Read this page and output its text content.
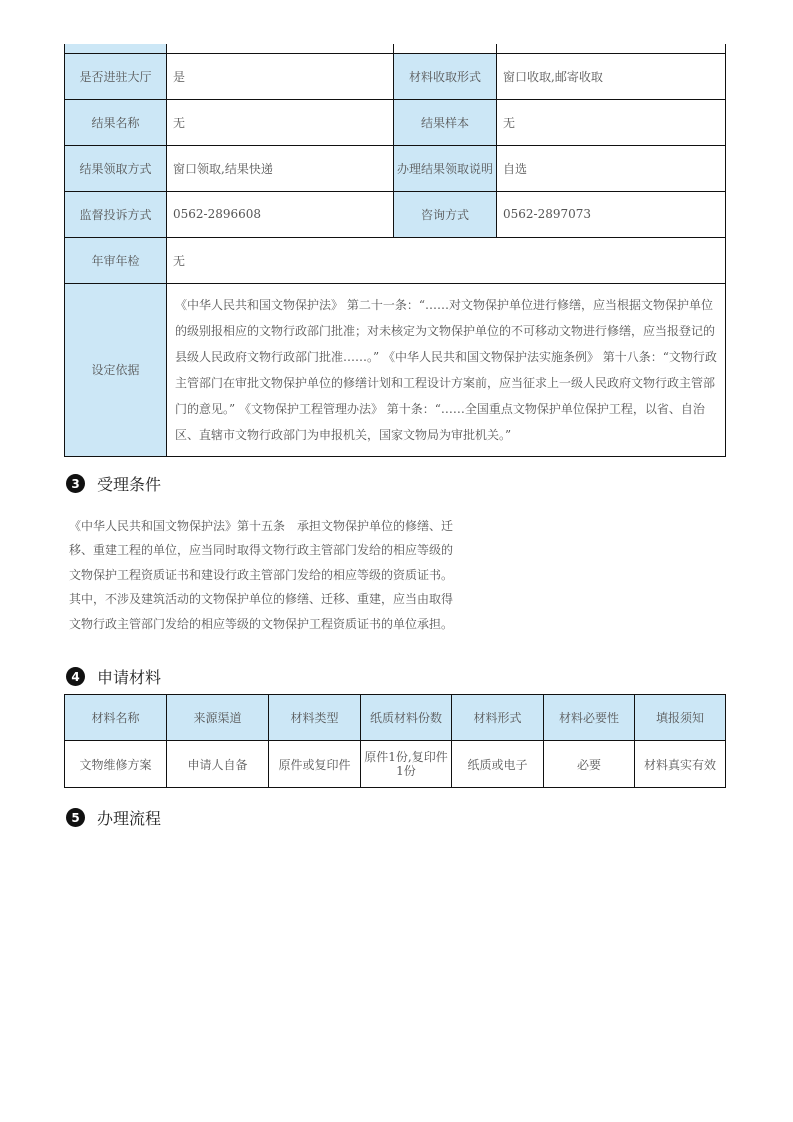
是否进驻大厅	是	材料收取形式	窗口收取,邮寄收取
结果名称	无	结果样本	无
结果领取方式	窗口领取,结果快递	办理结果领取说明	自选
监督投诉方式	0562-2896608	咨询方式	0562-2897073
年审年检	无		
设定依据	《中华人民共和国文物保护法》 第二十一条：“……对文物保护单位进行修缮，应当根据文物保护单位的级别报相应的文物行政部门批准；对未核定为文物保护单位的不可移动文物进行修缮，应当报登记的县级人民政府文物行政部门批准……。” 《中华人民共和国文物保护法实施条例》 第十八条：“文物行政主管部门在审批文物保护单位的修缮计划和工程设计方案前，应当征求上一级人民政府文物行政主管部门的意见。” 《文物保护工程管理办法》 第十条：“……全国重点文物保护单位保护工程，以省、自治区、直辖市文物行政部门为申报机关，国家文物局为审批机关。”		
3	受理条件

《中华人民共和国文物保护法》第十五条　承担文物保护单位的修缮、迁移、重建工程的单位，应当同时取得文物行政主管部门发给的相应等级的文物保护工程资质证书和建设行政主管部门发给的相应等级的资质证书。其中，不涉及建筑活动的文物保护单位的修缮、迁移、重建，应当由取得文物行政主管部门发给的相应等级的文物保护工程资质证书的单位承担。

4	申请材料
材料名称	来源渠道	材料类型	纸质材料份数	材料形式	材料必要性	填报须知
文物维修方案	申请人自备	原件或复印件	原件1份,复印件1份	纸质或电子	必要	材料真实有效
5	办理流程
